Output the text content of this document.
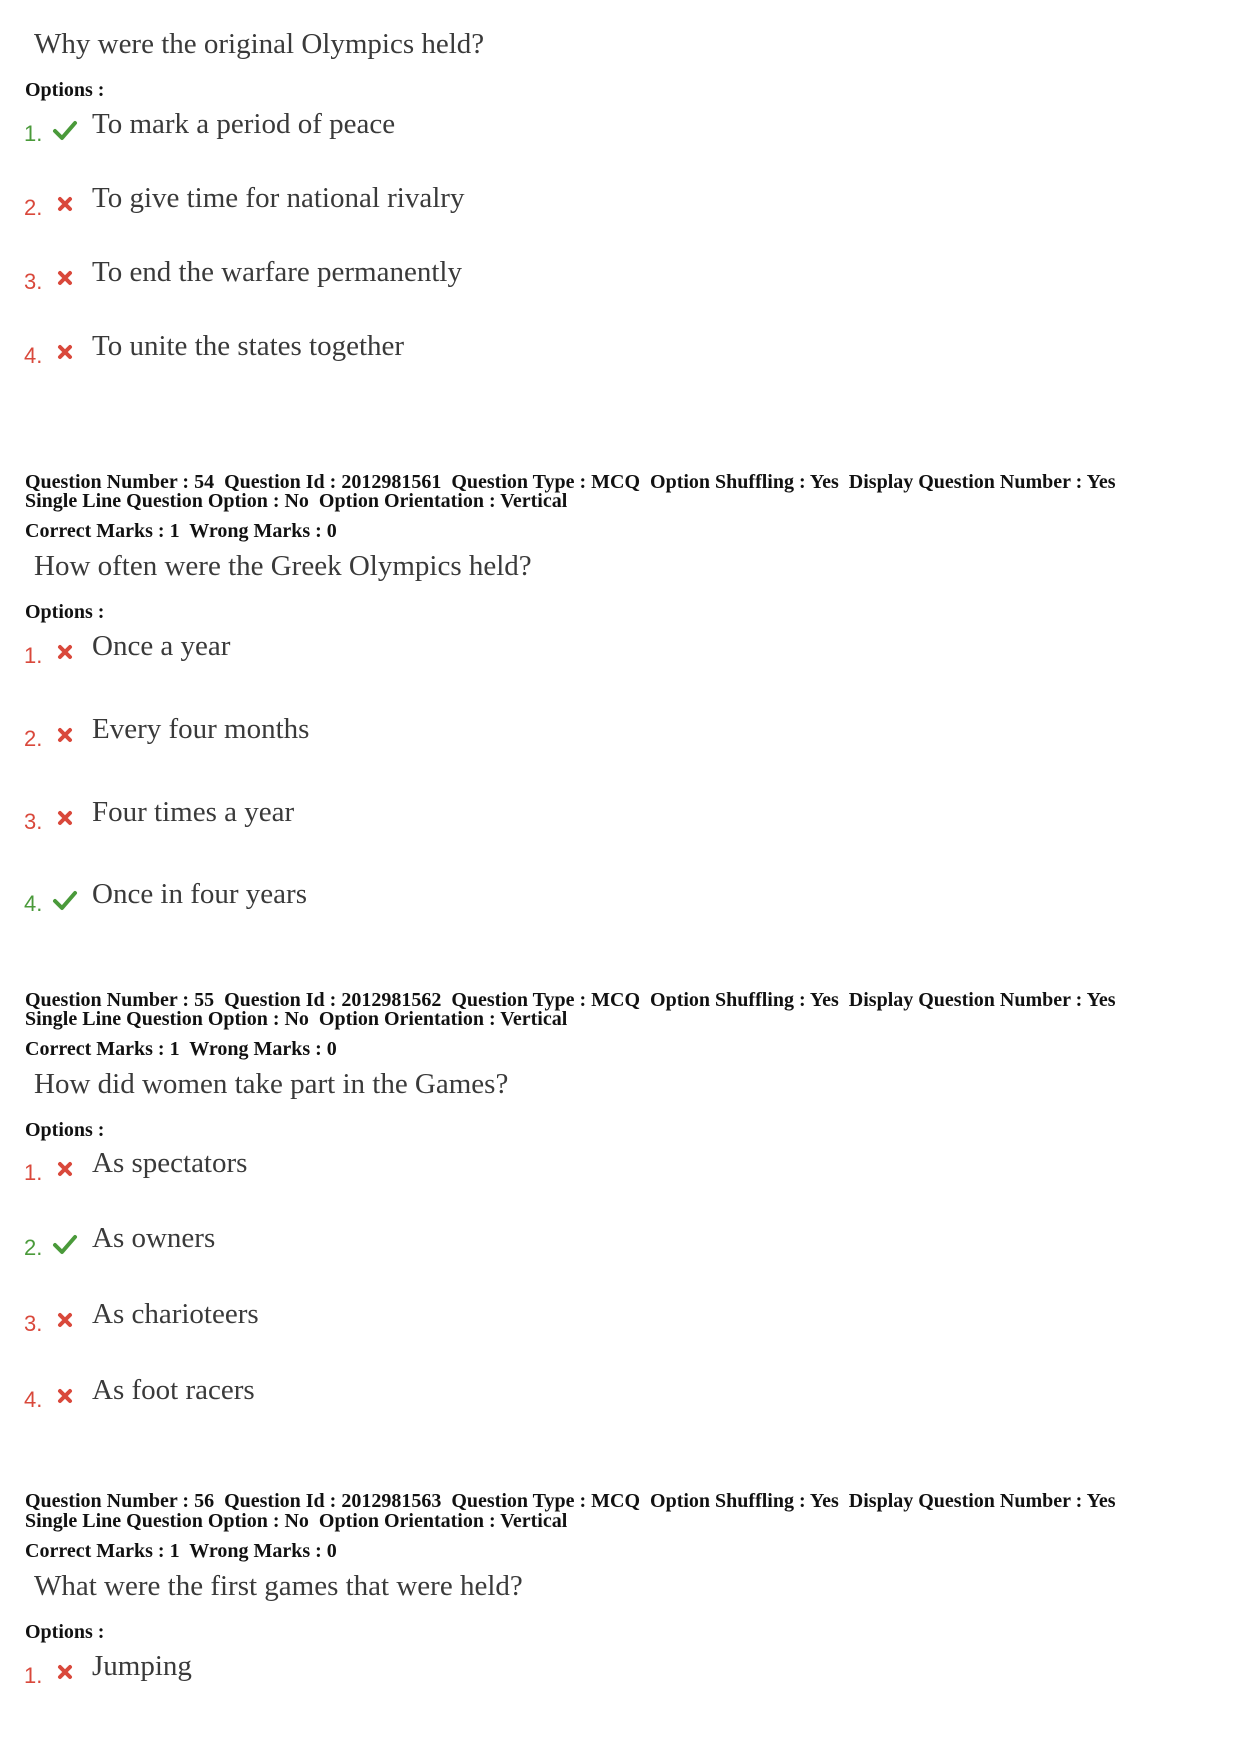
Why were the original Olympics held?
Options :
1. To mark a period of peace
2. To give time for national rivalry
3. To end the warfare permanently
4. To unite the states together
Question Number : 54  Question Id : 2012981561  Question Type : MCQ  Option Shuffling : Yes  Display Question Number : Yes
Single Line Question Option : No  Option Orientation : Vertical
Correct Marks : 1  Wrong Marks : 0
How often were the Greek Olympics held?
Options :
1. Once a year
2. Every four months
3. Four times a year
4. Once in four years
Question Number : 55  Question Id : 2012981562  Question Type : MCQ  Option Shuffling : Yes  Display Question Number : Yes
Single Line Question Option : No  Option Orientation : Vertical
Correct Marks : 1  Wrong Marks : 0
How did women take part in the Games?
Options :
1. As spectators
2. As owners
3. As charioteers
4. As foot racers
Question Number : 56  Question Id : 2012981563  Question Type : MCQ  Option Shuffling : Yes  Display Question Number : Yes
Single Line Question Option : No  Option Orientation : Vertical
Correct Marks : 1  Wrong Marks : 0
What were the first games that were held?
Options :
1. Jumping
